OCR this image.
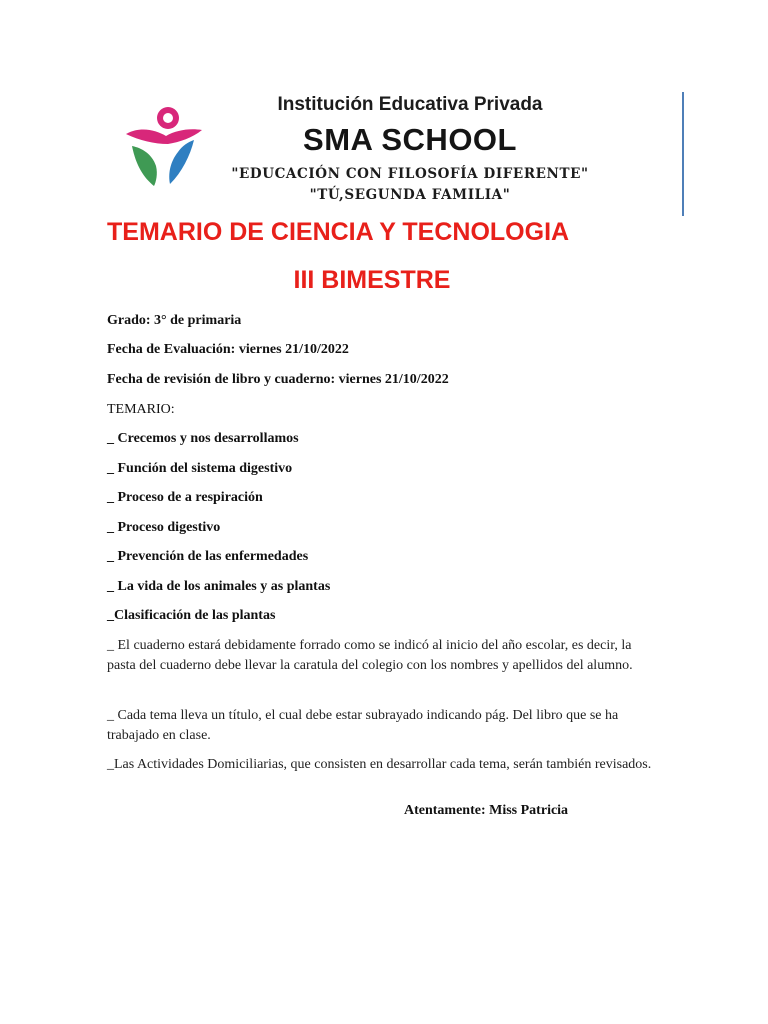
Institución Educativa Privada
SMA SCHOOL
"EDUCACIÓN CON FILOSOFÍA DIFERENTE"
"TÚ,SEGUNDA FAMILIA"
TEMARIO DE CIENCIA Y TECNOLOGIA
III BIMESTRE
Grado: 3° de primaria
Fecha de Evaluación: viernes 21/10/2022
Fecha de revisión de libro y cuaderno: viernes 21/10/2022
TEMARIO:
_ Crecemos y nos desarrollamos
_ Función del sistema digestivo
_ Proceso de a respiración
_ Proceso digestivo
_ Prevención de las enfermedades
_ La vida de los animales y as plantas
_Clasificación de las plantas
_ El cuaderno estará debidamente forrado como se indicó al inicio del año escolar, es decir, la pasta del cuaderno debe llevar la caratula del colegio con los nombres y apellidos del alumno.
_ Cada tema lleva un título, el cual debe estar subrayado indicando pág. Del libro que se ha trabajado en clase.
_Las Actividades Domiciliarias, que consisten en desarrollar cada tema, serán también revisados.
Atentamente: Miss Patricia
